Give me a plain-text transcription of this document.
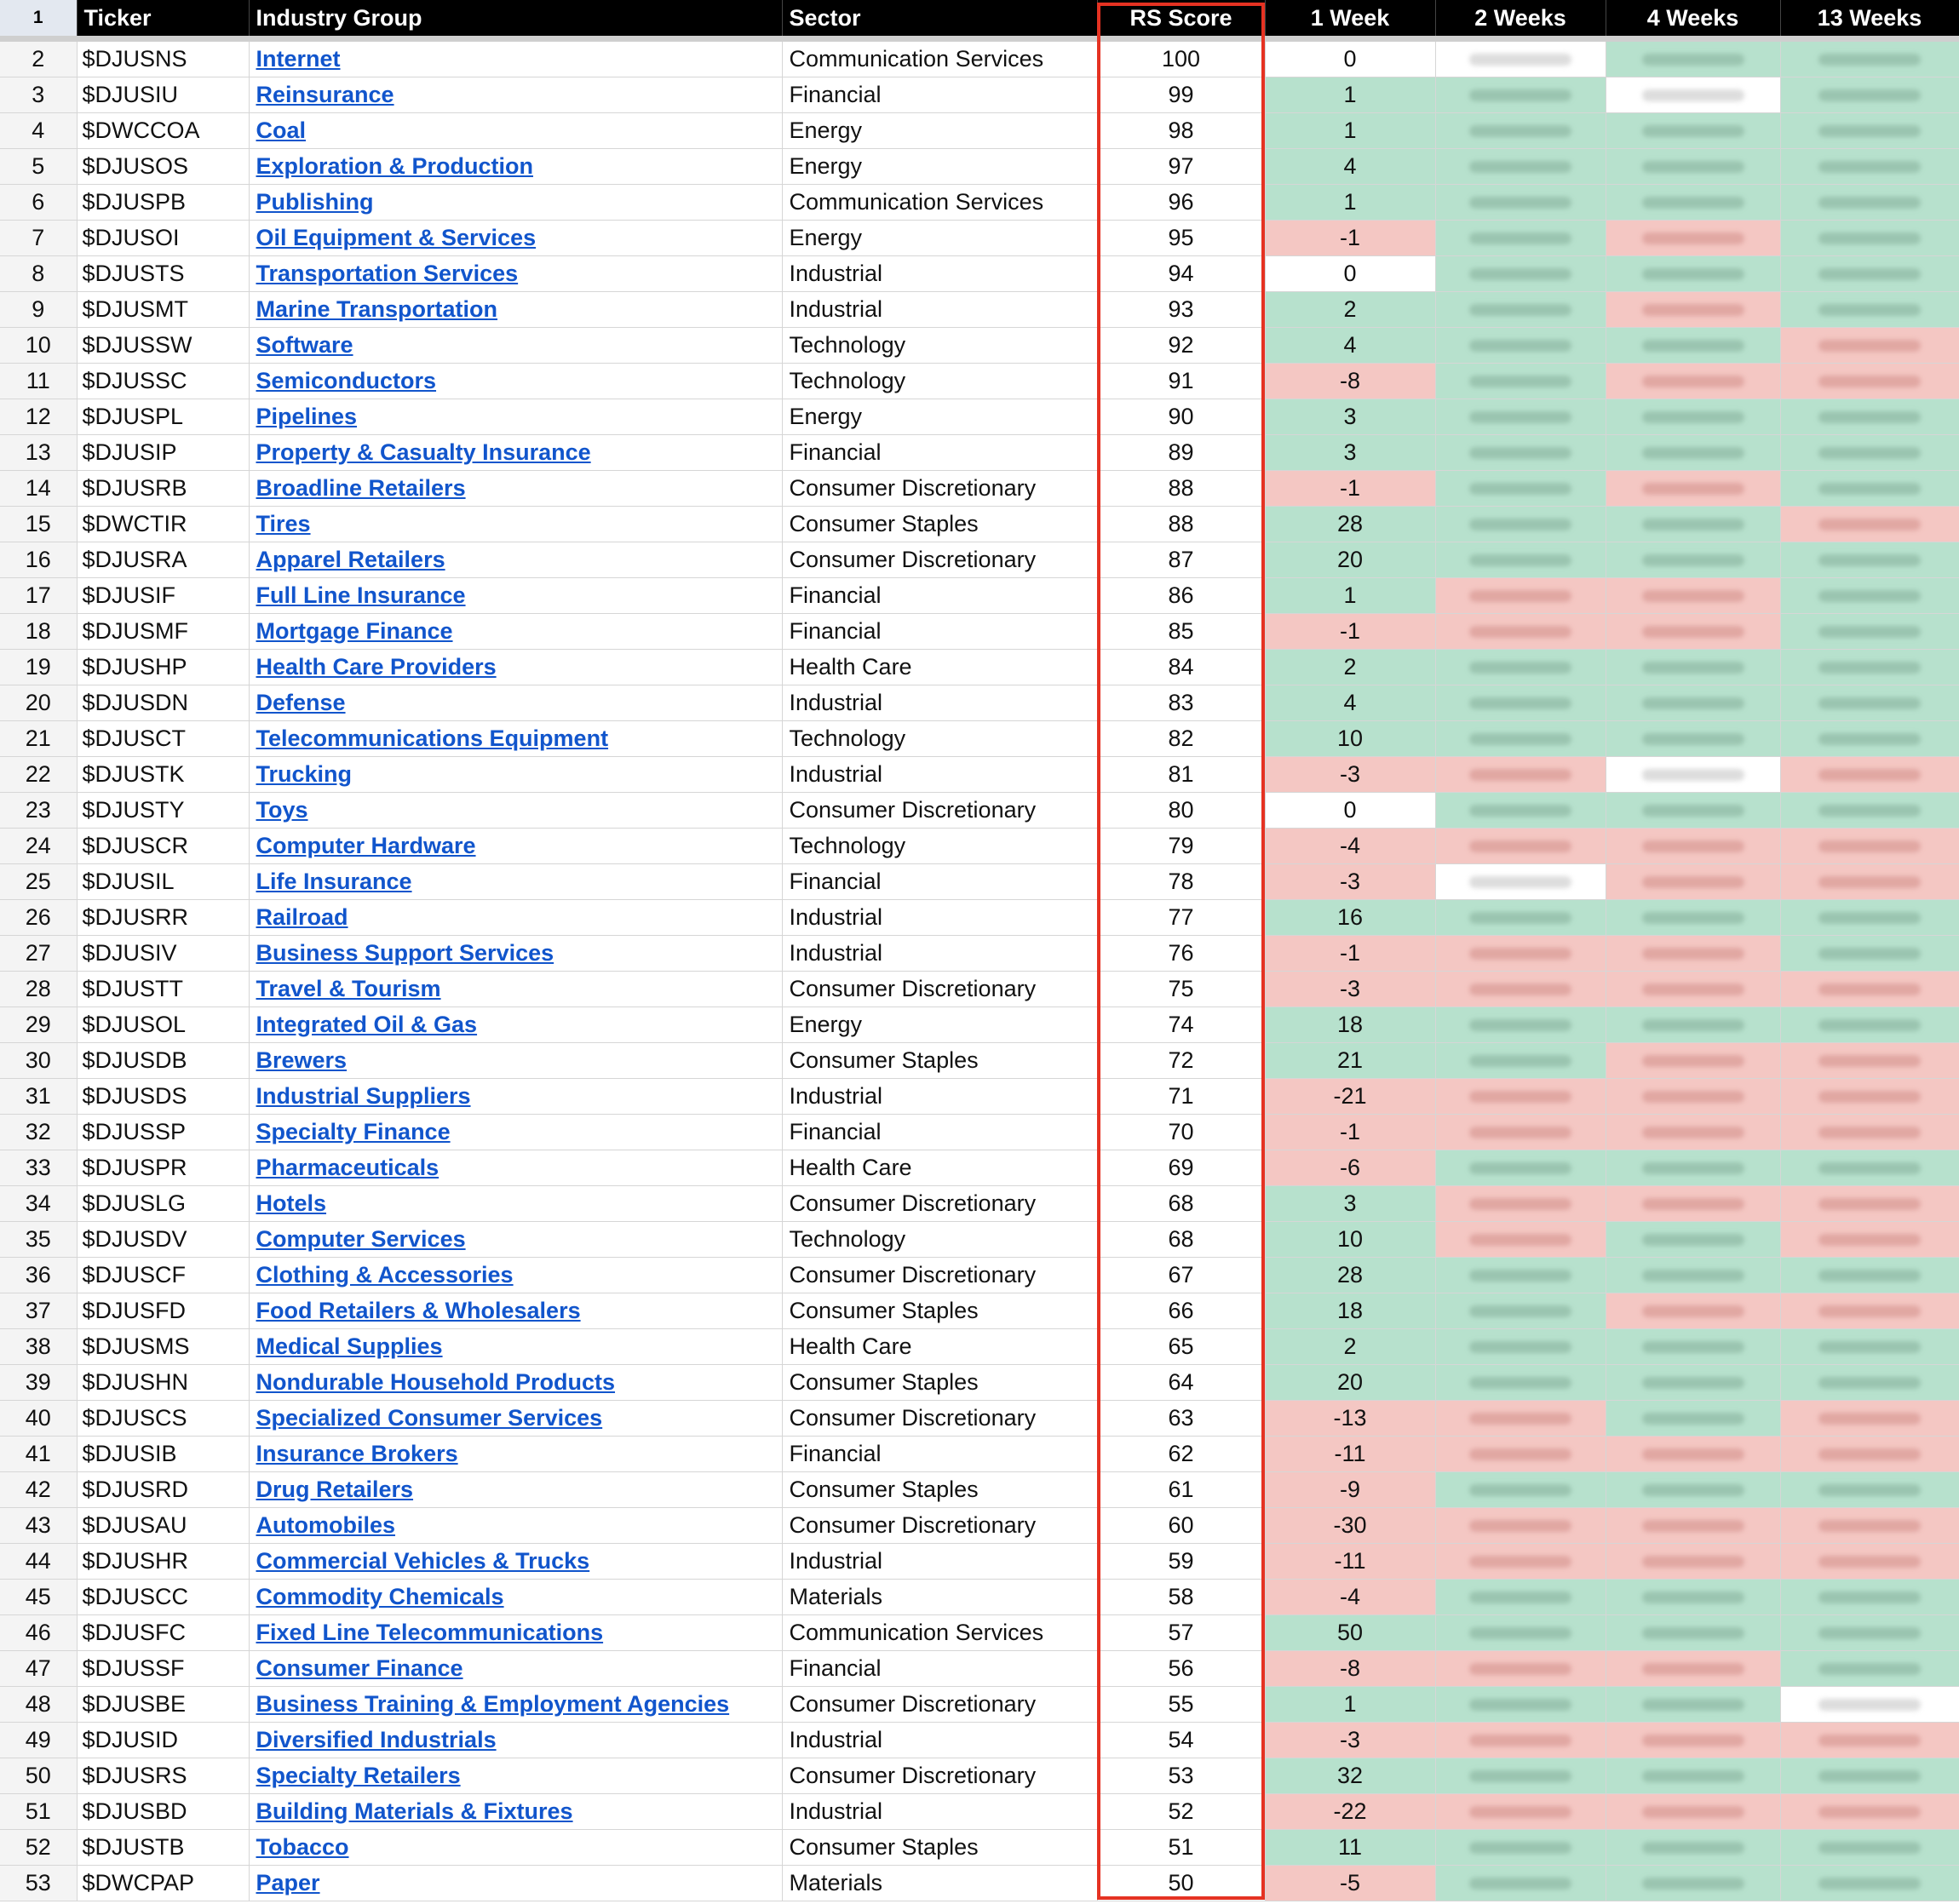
1	Ticker	Industry Group	Sector	RS Score	1 Week	2 Weeks	4 Weeks	13 Weeks
2	$DJUSNS	Internet	Communication Services	100	0	

3	$DJUSIU	Reinsurance	Financial	99	1	

4	$DWCCOA	Coal	Energy	98	1	

5	$DJUSOS	Exploration & Production	Energy	97	4	

6	$DJUSPB	Publishing	Communication Services	96	1	

7	$DJUSOI	Oil Equipment & Services	Energy	95	-1	

8	$DJUSTS	Transportation Services	Industrial	94	0	

9	$DJUSMT	Marine Transportation	Industrial	93	2	

10	$DJUSSW	Software	Technology	92	4	

11	$DJUSSC	Semiconductors	Technology	91	-8	

12	$DJUSPL	Pipelines	Energy	90	3	

13	$DJUSIP	Property & Casualty Insurance	Financial	89	3	

14	$DJUSRB	Broadline Retailers	Consumer Discretionary	88	-1	

15	$DWCTIR	Tires	Consumer Staples	88	28	

16	$DJUSRA	Apparel Retailers	Consumer Discretionary	87	20	

17	$DJUSIF	Full Line Insurance	Financial	86	1	

18	$DJUSMF	Mortgage Finance	Financial	85	-1	

19	$DJUSHP	Health Care Providers	Health Care	84	2	

20	$DJUSDN	Defense	Industrial	83	4	

21	$DJUSCT	Telecommunications Equipment	Technology	82	10	

22	$DJUSTK	Trucking	Industrial	81	-3	

23	$DJUSTY	Toys	Consumer Discretionary	80	0	

24	$DJUSCR	Computer Hardware	Technology	79	-4	

25	$DJUSIL	Life Insurance	Financial	78	-3	

26	$DJUSRR	Railroad	Industrial	77	16	

27	$DJUSIV	Business Support Services	Industrial	76	-1	

28	$DJUSTT	Travel & Tourism	Consumer Discretionary	75	-3	

29	$DJUSOL	Integrated Oil & Gas	Energy	74	18	

30	$DJUSDB	Brewers	Consumer Staples	72	21	

31	$DJUSDS	Industrial Suppliers	Industrial	71	-21	

32	$DJUSSP	Specialty Finance	Financial	70	-1	

33	$DJUSPR	Pharmaceuticals	Health Care	69	-6	

34	$DJUSLG	Hotels	Consumer Discretionary	68	3	

35	$DJUSDV	Computer Services	Technology	68	10	

36	$DJUSCF	Clothing & Accessories	Consumer Discretionary	67	28	

37	$DJUSFD	Food Retailers & Wholesalers	Consumer Staples	66	18	

38	$DJUSMS	Medical Supplies	Health Care	65	2	

39	$DJUSHN	Nondurable Household Products	Consumer Staples	64	20	

40	$DJUSCS	Specialized Consumer Services	Consumer Discretionary	63	-13	

41	$DJUSIB	Insurance Brokers	Financial	62	-11	

42	$DJUSRD	Drug Retailers	Consumer Staples	61	-9	

43	$DJUSAU	Automobiles	Consumer Discretionary	60	-30	

44	$DJUSHR	Commercial Vehicles & Trucks	Industrial	59	-11	

45	$DJUSCC	Commodity Chemicals	Materials	58	-4	

46	$DJUSFC	Fixed Line Telecommunications	Communication Services	57	50	

47	$DJUSSF	Consumer Finance	Financial	56	-8	

48	$DJUSBE	Business Training & Employment Agencies	Consumer Discretionary	55	1	

49	$DJUSID	Diversified Industrials	Industrial	54	-3	

50	$DJUSRS	Specialty Retailers	Consumer Discretionary	53	32	

51	$DJUSBD	Building Materials & Fixtures	Industrial	52	-22	

52	$DJUSTB	Tobacco	Consumer Staples	51	11	

53	$DWCPAP	Paper	Materials	50	-5	
